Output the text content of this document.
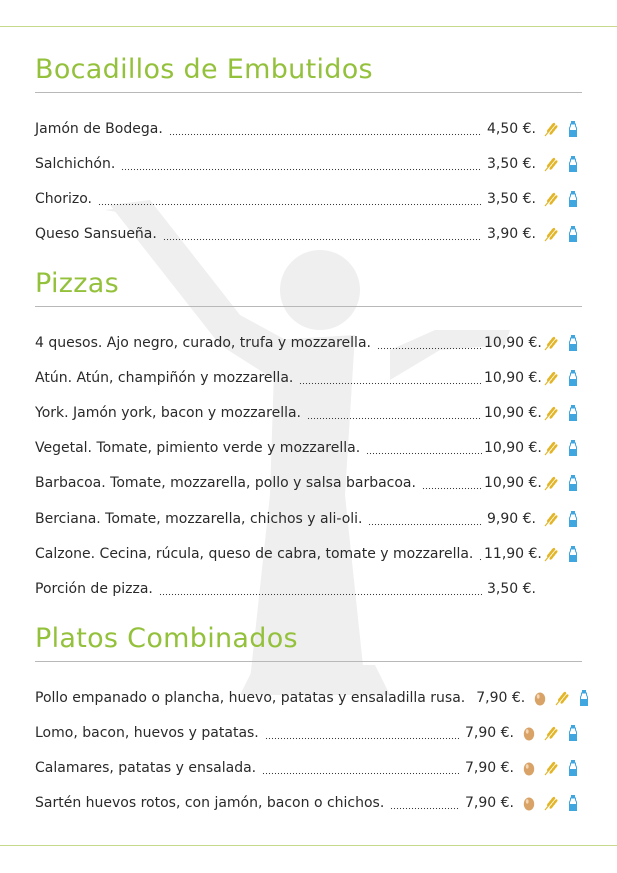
Bocadillos de Embutidos
Jamón de Bodega.	4,50 €.
Salchichón.	3,50 €.
Chorizo.	3,50 €.
Queso Sansueña.	3,90 €.
Pizzas
4 quesos. Ajo negro, curado, trufa y mozzarella.	10,90 €.
Atún. Atún, champiñón y mozzarella.	10,90 €.
York. Jamón york, bacon y mozzarella.	10,90 €.
Vegetal. Tomate, pimiento verde y mozzarella.	10,90 €.
Barbacoa. Tomate, mozzarella, pollo y salsa barbacoa.	10,90 €.
Berciana. Tomate, mozzarella, chichos y ali-oli.	9,90 €.
Calzone. Cecina, rúcula, queso de cabra, tomate y mozzarella. 11,90 €.
Porción de pizza.	3,50 €.
Platos Combinados
Pollo empanado o plancha, huevo, patatas y ensaladilla rusa. 7,90 €.
Lomo, bacon, huevos y patatas.	7,90 €.
Calamares, patatas y ensalada.	7,90 €.
Sartén huevos rotos, con jamón, bacon o chichos.	7,90 €.
